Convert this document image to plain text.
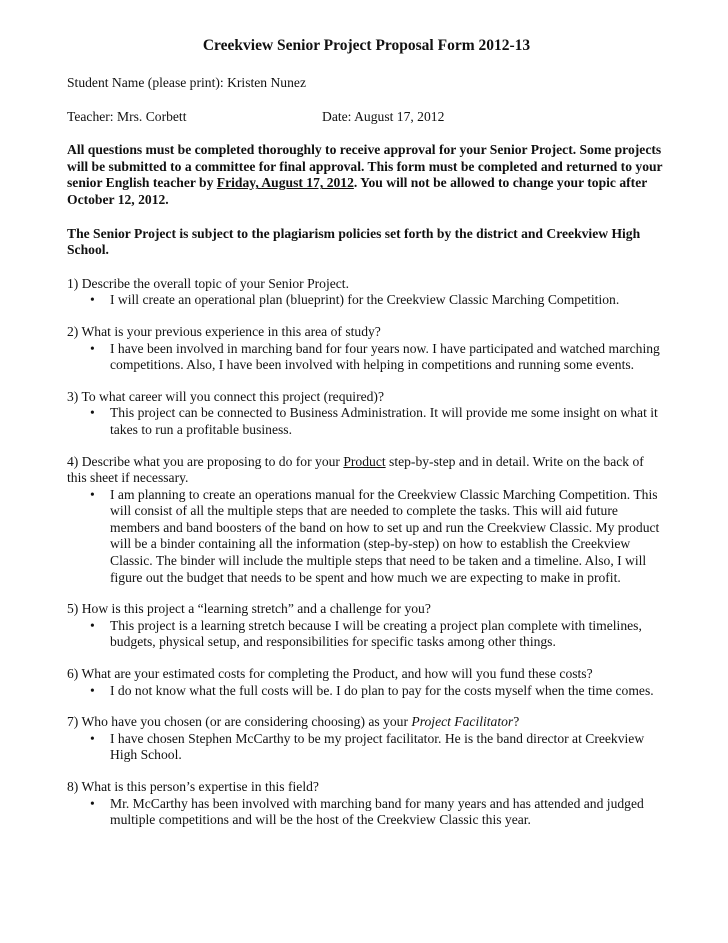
Creekview Senior Project Proposal Form 2012-13
Student Name (please print): Kristen Nunez
Teacher: Mrs. Corbett	Date: August 17, 2012

All questions must be completed thoroughly to receive approval for your Senior Project. Some projects will be submitted to a committee for final approval. This form must be completed and returned to your senior English teacher by Friday, August 17, 2012. You will not be allowed to change your topic after October 12, 2012.

The Senior Project is subject to the plagiarism policies set forth by the district and Creekview High School.

1) Describe the overall topic of your Senior Project.

• I will create an operational plan (blueprint) for the Creekview Classic Marching Competition.

2) What is your previous experience in this area of study?

• I have been involved in marching band for four years now. I have participated and watched marching competitions. Also, I have been involved with helping in competitions and running some events.

3) To what career will you connect this project (required)?

• This project can be connected to Business Administration. It will provide me some insight on what it takes to run a profitable business.

4) Describe what you are proposing to do for your Product step-by-step and in detail. Write on the back of this sheet if necessary.

• I am planning to create an operations manual for the Creekview Classic Marching Competition. This will consist of all the multiple steps that are needed to complete the tasks. This will aid future members and band boosters of the band on how to set up and run the Creekview Classic. My product will be a binder containing all the information (step-by-step) on how to establish the Creekview Classic. The binder will include the multiple steps that need to be taken and a timeline. Also, I will figure out the budget that needs to be spent and how much we are expecting to make in profit.

5) How is this project a “learning stretch” and a challenge for you?

• This project is a learning stretch because I will be creating a project plan complete with timelines, budgets, physical setup, and responsibilities for specific tasks among other things.

6) What are your estimated costs for completing the Product, and how will you fund these costs?

• I do not know what the full costs will be. I do plan to pay for the costs myself when the time comes.

7) Who have you chosen (or are considering choosing) as your Project Facilitator?

• I have chosen Stephen McCarthy to be my project facilitator. He is the band director at Creekview High School.

8) What is this person’s expertise in this field?

• Mr. McCarthy has been involved with marching band for many years and has attended and judged multiple competitions and will be the host of the Creekview Classic this year.
